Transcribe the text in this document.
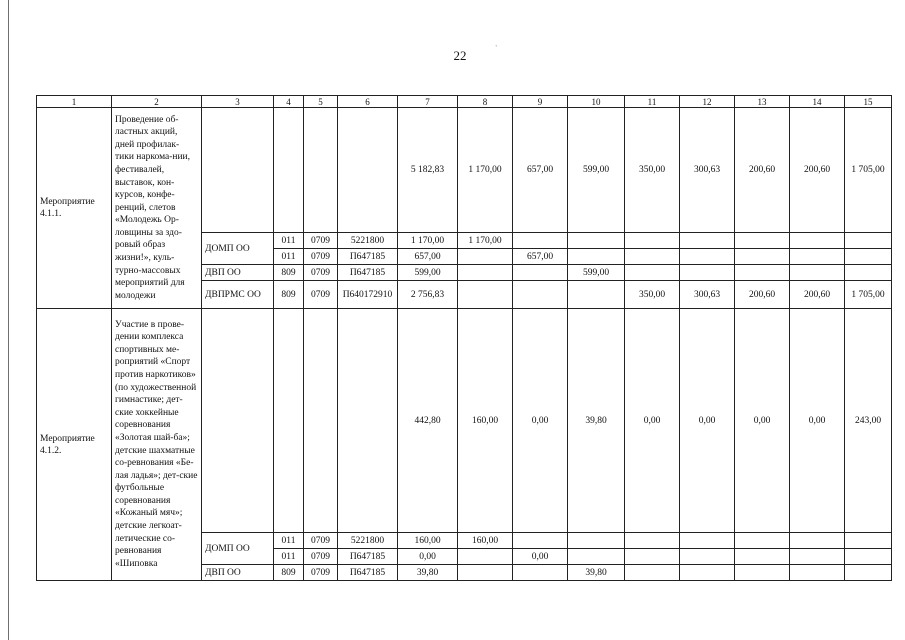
22	`
1	2	3	4	5	6	7	8	9	10	11	12	13	14	15
Мероприятие 4.1.1.	Проведение об-ластных акций, дней профилак-тики наркома-нии, фестивалей, выставок, кон-курсов, конфе-ренций, слетов «Молодежь Ор-ловщины за здо-ровый образ жизни!», куль-турно-массовых мероприятий для молодежи					5 182,83	1 170,00	657,00	599,00	350,00	300,63	200,60	200,60	1 705,00
		ДОМП ОО	011	0709	5221800	1 170,00	1 170,00							
			011	0709	П647185	657,00		657,00						
		ДВП ОО	809	0709	П647185	599,00			599,00					
		ДВПРМС ОО	809	0709	П640172910	2 756,83				350,00	300,63	200,60	200,60	1 705,00
Мероприятие 4.1.2.	Участие в прове-дении комплекса спортивных ме-роприятий «Спорт против наркотиков» (по художественной гимнастике; дет-ские хоккейные соревнования «Золотая шай-ба»; детские шахматные со-ревнования «Бе-лая ладья»; дет-ские футбольные соревнования «Кожаный мяч»; детские легкоат-летические со-ревнования «Шиповка					442,80	160,00	0,00	39,80	0,00	0,00	0,00	0,00	243,00
		ДОМП ОО	011	0709	5221800	160,00	160,00							
			011	0709	П647185	0,00		0,00						
		ДВП ОО	809	0709	П647185	39,80			39,80					
